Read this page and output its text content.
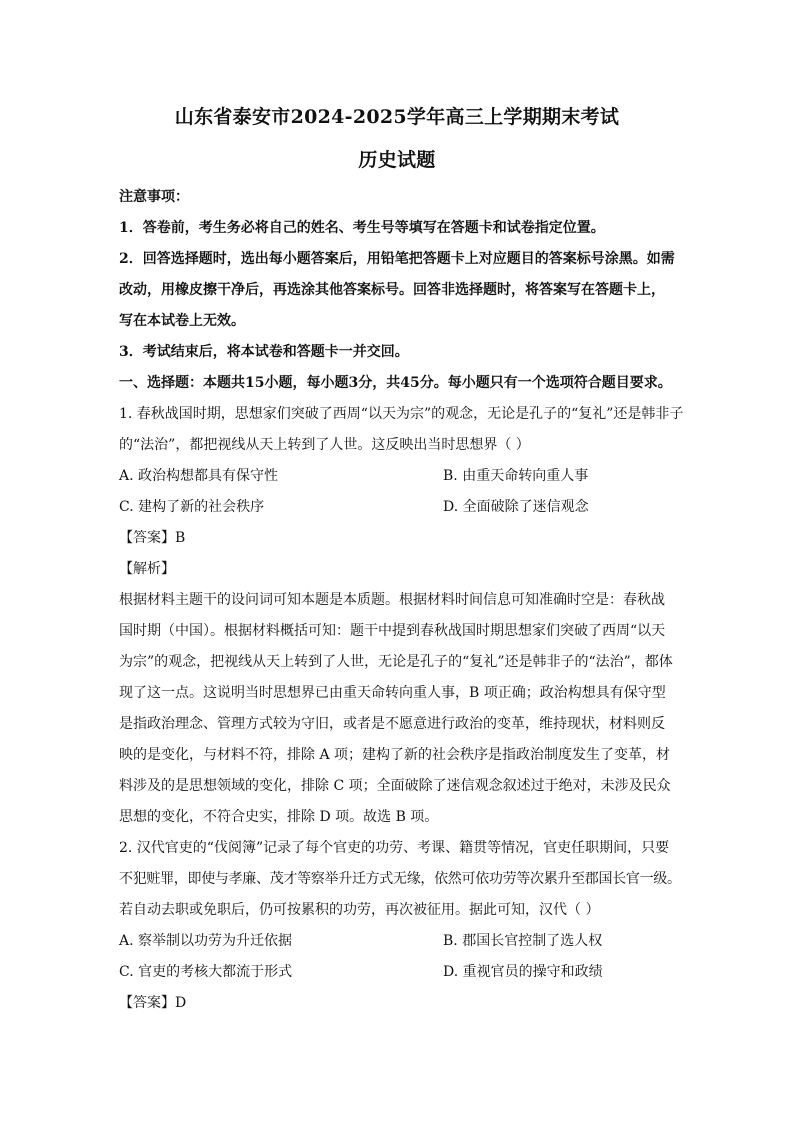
山东省泰安市2024-2025学年高三上学期期末考试
历史试题
注意事项：
1．答卷前，考生务必将自己的姓名、考生号等填写在答题卡和试卷指定位置。
2．回答选择题时，选出每小题答案后，用铅笔把答题卡上对应题目的答案标号涂黑。如需
改动，用橡皮擦干净后，再选涂其他答案标号。回答非选择题时，将答案写在答题卡上，
写在本试卷上无效。
3．考试结束后，将本试卷和答题卡一并交回。
一、选择题：本题共15小题，每小题3分，共45分。每小题只有一个选项符合题目要求。
1. 春秋战国时期，思想家们突破了西周“以天为宗”的观念，无论是孔子的“复礼”还是韩非子
的“法治”，都把视线从天上转到了人世。这反映出当时思想界（ ）
A. 政治构想都具有保守性	B. 由重天命转向重人事
C. 建构了新的社会秩序	D. 全面破除了迷信观念
【答案】B
【解析】
根据材料主题干的设问词可知本题是本质题。根据材料时间信息可知准确时空是：春秋战
国时期（中国）。根据材料概括可知：题干中提到春秋战国时期思想家们突破了西周“以天
为宗”的观念，把视线从天上转到了人世，无论是孔子的“复礼”还是韩非子的“法治”，都体
现了这一点。这说明当时思想界已由重天命转向重人事，B 项正确；政治构想具有保守型
是指政治理念、管理方式较为守旧，或者是不愿意进行政治的变革，维持现状，材料则反
映的是变化，与材料不符，排除 A 项；建构了新的社会秩序是指政治制度发生了变革，材
料涉及的是思想领域的变化，排除 C 项；全面破除了迷信观念叙述过于绝对，未涉及民众
思想的变化，不符合史实，排除 D 项。故选 B 项。
2. 汉代官吏的“伐阅簿”记录了每个官吏的功劳、考课、籍贯等情况，官吏任职期间，只要
不犯赃罪，即使与孝廉、茂才等察举升迁方式无缘，依然可依功劳等次累升至郡国长官一级。
若自动去职或免职后，仍可按累积的功劳，再次被征用。据此可知，汉代（ ）
A. 察举制以功劳为升迁依据	B. 郡国长官控制了选人权
C. 官吏的考核大都流于形式	D. 重视官员的操守和政绩
【答案】D
